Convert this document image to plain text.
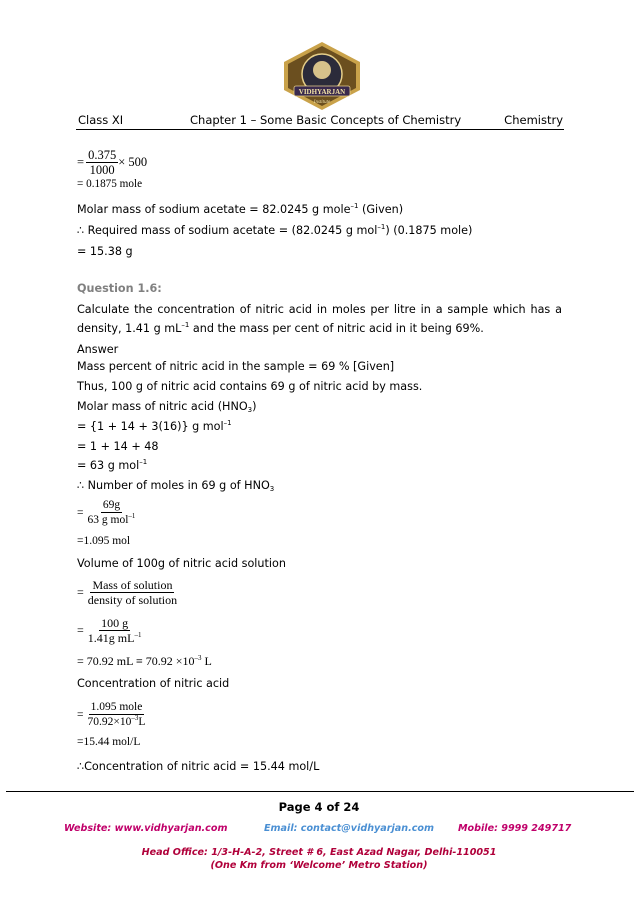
VIDHYARJAN
Institute
Class XI	Chapter 1 – Some Basic Concepts of Chemistry	Chemistry
= $\frac{0.375}{1000} \times 500$
= 0.1875 mole
Molar mass of sodium acetate = 82.0245 g mole$^{-1}$ (Given)
∴ Required mass of sodium acetate = (82.0245 g mol$^{-1}$) (0.1875 mole)
= 15.38 g
Question 1.6:
Calculate the concentration of nitric acid in moles per litre in a sample which has a
density, 1.41 g $mL^{-1}$ and the mass per cent of nitric acid in it being 69%.
Answer
Mass percent of nitric acid in the sample = 69 % [Given]
Thus, 100 g of nitric acid contains 69 g of nitric acid by mass.
Molar mass of nitric acid $(HNO_3)$
= {1 + 14 + 3(16)} g mol$^{-1}$
= 1 + 14 + 48
= 63 g mol$^{-1}$
∴ Number of moles in 69 g of $HNO_3$
= $\frac{69g}{63 g mol^{-1}}$
=1.095 mol
Volume of 100g of nitric acid solution
= $\frac{\text{Mass of solution}}{\text{density of solution}}$
= $\frac{100 g}{1.41g mL^{-1}}$
= 70.92 mL ≡ $70.92 \times 10^{-3}$ L
Concentration of nitric acid
= $\frac{\text{1.095 mole}}{70.92\times 10^{-3}L}$
=15.44 mol/L
∴Concentration of nitric acid = 15.44 mol/L
Page 4 of 24
Website: www.vidhyarjan.com	Email: contact@vidhyarjan.com Mobile: 9999 249717
Head Office: 1/3-H-A-2, Street # 6, East Azad Nagar, Delhi-110051
(One Km from ‘Welcome’ Metro Station)
